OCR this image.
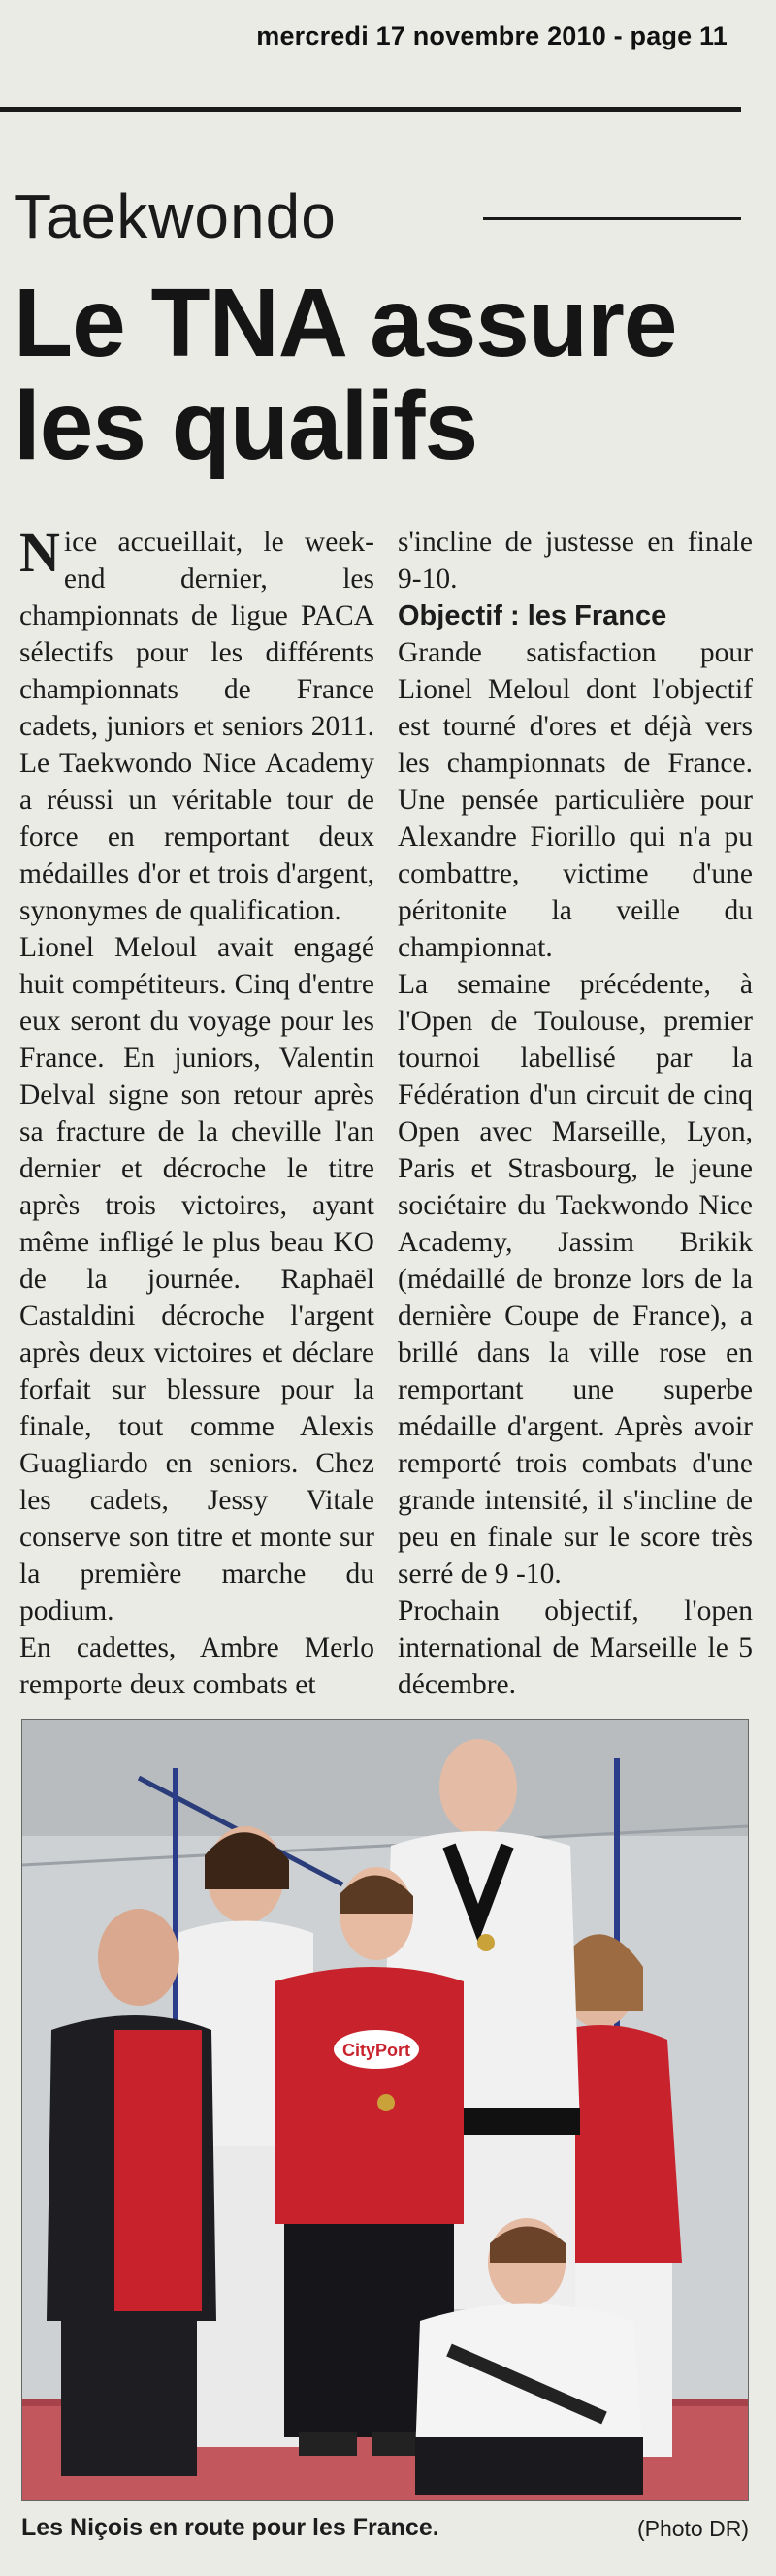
mercredi 17 novembre 2010 - page 11
Taekwondo
Le TNA assure les qualifs

Nice accueillait, le week-end dernier, les championnats de ligue PACA sélectifs pour les différents championnats de France cadets, juniors et seniors 2011. Le Taekwondo Nice Academy a réussi un véritable tour de force en remportant deux médailles d'or et trois d'argent, synonymes de qualification.

Lionel Meloul avait engagé huit compétiteurs. Cinq d'entre eux seront du voyage pour les France. En juniors, Valentin Delval signe son retour après sa fracture de la cheville l'an dernier et décroche le titre après trois victoires, ayant même infligé le plus beau KO de la journée. Raphaël Castaldini décroche l'argent après deux victoires et déclare forfait sur blessure pour la finale, tout comme Alexis Guagliardo en seniors. Chez les cadets, Jessy Vitale conserve son titre et monte sur la première marche du podium.

En cadettes, Ambre Merlo remporte deux combats et

s'incline de justesse en finale 9-10.

Objectif : les France

Grande satisfaction pour Lionel Meloul dont l'objectif est tourné d'ores et déjà vers les championnats de France. Une pensée particulière pour Alexandre Fiorillo qui n'a pu combattre, victime d'une péritonite la veille du championnat.

La semaine précédente, à l'Open de Toulouse, premier tournoi labellisé par la Fédération d'un circuit de cinq Open avec Marseille, Lyon, Paris et Strasbourg, le jeune sociétaire du Taekwondo Nice Academy, Jassim Brikik (médaillé de bronze lors de la dernière Coupe de France), a brillé dans la ville rose en remportant une superbe médaille d'argent. Après avoir remporté trois combats d'une grande intensité, il s'incline de peu en finale sur le score très serré de 9 -10.

Prochain objectif, l'open international de Marseille le 5 décembre.

CityPort
Les Niçois en route pour les France.	(Photo DR)
